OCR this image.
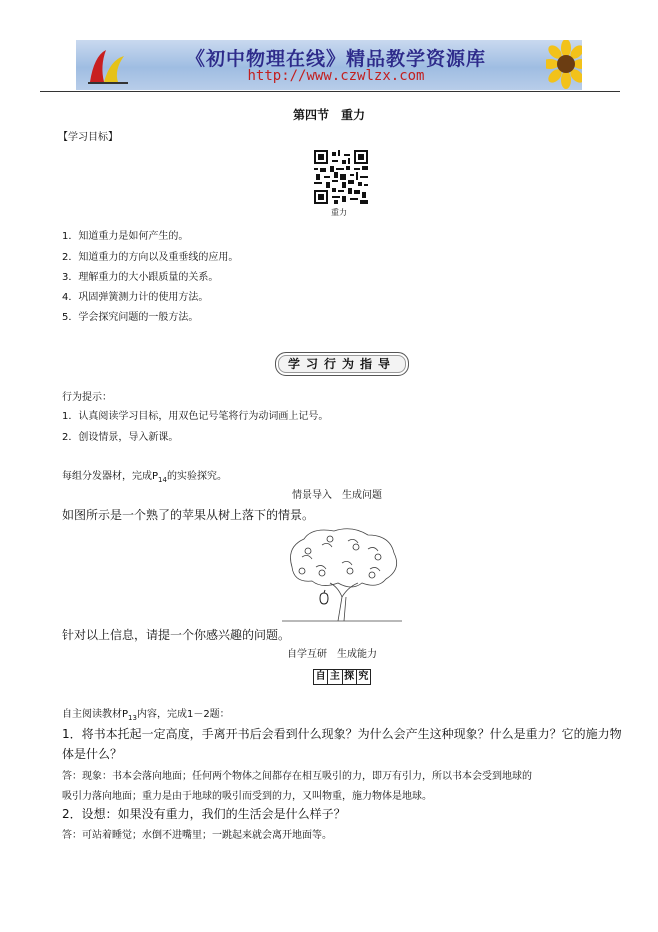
《初中物理在线》精品教学资源库
http://www.czwlzx.com
第四节　重力
【学习目标】
重力
1．知道重力是如何产生的。
2．知道重力的方向以及重垂线的应用。
3．理解重力的大小跟质量的关系。
4．巩固弹簧测力计的使用方法。
5．学会探究问题的一般方法。
学习行为指导
行为提示：
1．认真阅读学习目标，用双色记号笔将行为动词画上记号。
2．创设情景，导入新课。
每组分发器材，完成$P_{14}$的实验探究。
情景导入　生成问题
如图所示是一个熟了的苹果从树上落下的情景。
针对以上信息，请提一个你感兴趣的问题。
自学互研　生成能力
自 主 探 究
自主阅读教材$P_{13}$内容，完成1－2题：
1．将书本托起一定高度，手离开书后会看到什么现象？为什么会产生这种现象？什么是重力？它的施力物体是什么？
答：现象：书本会落向地面；任何两个物体之间都存在相互吸引的力，即万有引力，所以书本会受到地球的
吸引力落向地面；重力是由于地球的吸引而受到的力，又叫物重，施力物体是地球。
2．设想：如果没有重力，我们的生活会是什么样子？
答：可站着睡觉；水倒不进嘴里；一跳起来就会离开地面等。
